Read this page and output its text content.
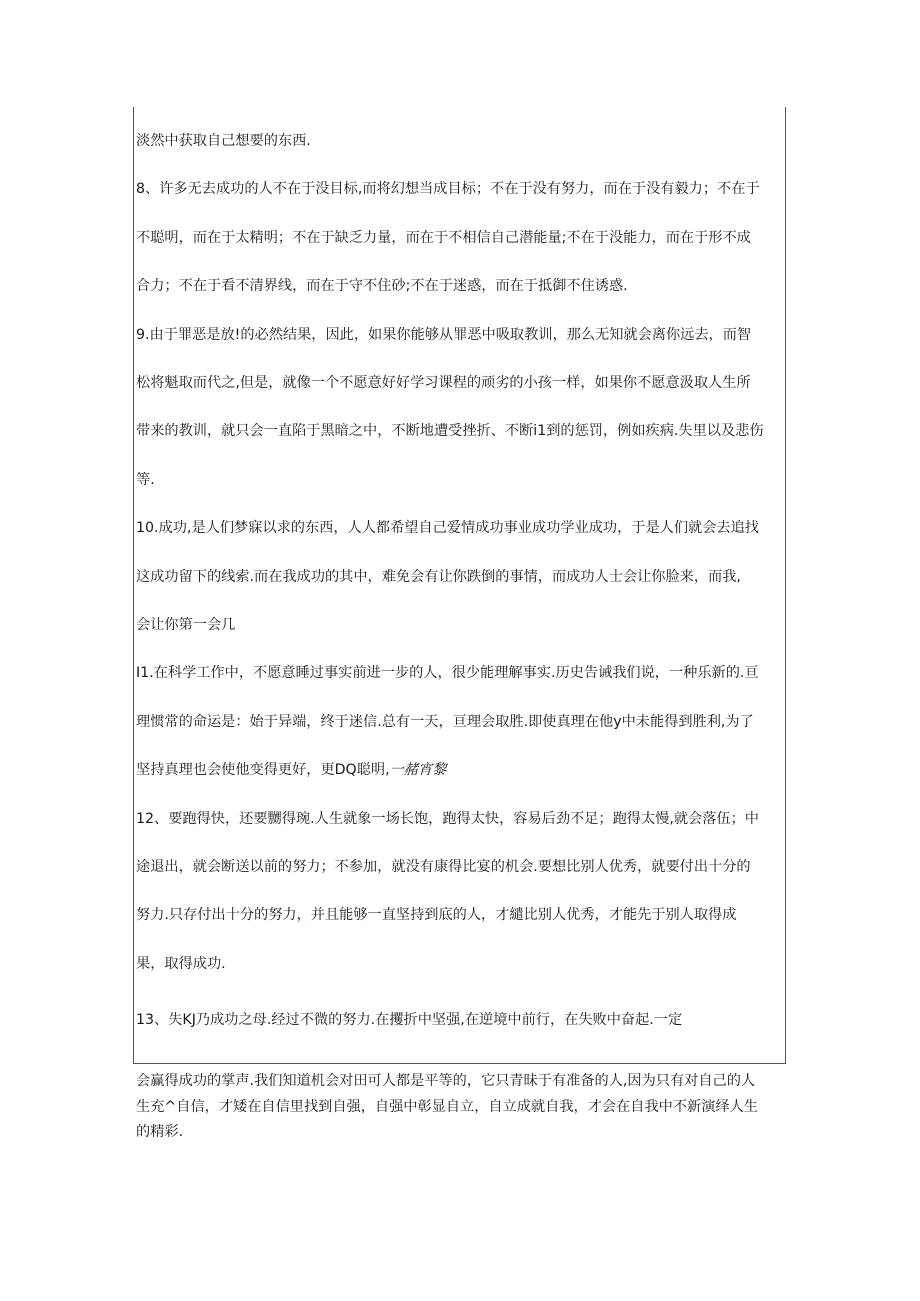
淡然中获取自己想要的东西.
8、许多无去成功的人不在于没目标,而将幻想当成目标；不在于没有努力，而在于没有毅力；不在于
不聪明，而在于太精明；不在于缺乏力量，而在于不相信自己潜能量;不在于没能力，而在于形不成
合力；不在于看不清界线，而在于守不住砂;不在于迷惑，而在于抵御不住诱惑.
9.由于罪恶是放!的必然结果，因此，如果你能够从罪恶中吸取教训，那么无知就会离你远去，而智
松将魁取而代之,但是，就像一个不愿意好好学习课程的顽劣的小孩一样，如果你不愿意汲取人生所
带来的教训，就只会一直陷于黑暗之中，不断地遭受挫折、不断i1到的惩罚，例如疾病.失里以及悲伤
等.
10.成功,是人们梦寐以求的东西，人人都希望自己爱情成功事业成功学业成功，于是人们就会去追找
这成功留下的线索.而在我成功的其中，难免会有让你跌倒的事情，而成功人士会让你脸来，而我,
会让你第一会几
I1.在科学工作中，不愿意睡过事实前进一步的人，很少能理解事实.历史告诫我们说，一种乐新的.亘
理惯常的命运是：始于异端，终于迷信.总有一天，亘理会取胜.即使真理在他y中未能得到胜利,为了
坚持真理也会使他变得更好，更DQ聪明,一赭宵黎
12、要跑得快，还要嬲得琬.人生就象一场长饱，跑得太快，容易后劲不足；跑得太慢,就会落伍；中
途退出，就会断送以前的努力；不参加，就没有康得比宴的机会.要想比别人优秀，就要付出十分的
努力.只存付出十分的努力，并且能够一直坚持到底的人，才繾比别人优秀，才能先于别人取得成
果，取得成功.
13、失KJ乃成功之母.经过不微的努力.在攫折中坚强,在逆境中前行，在失败中奋起.一定
会赢得成功的掌声.我们知道机会对田可人都是平等的，它只青昧于有准备的人,因为只有对自己的人
生充^自信，才矮在自信里找到自强，自强中彰显自立，自立成就自我，才会在自我中不新演绎人生
的精彩.
